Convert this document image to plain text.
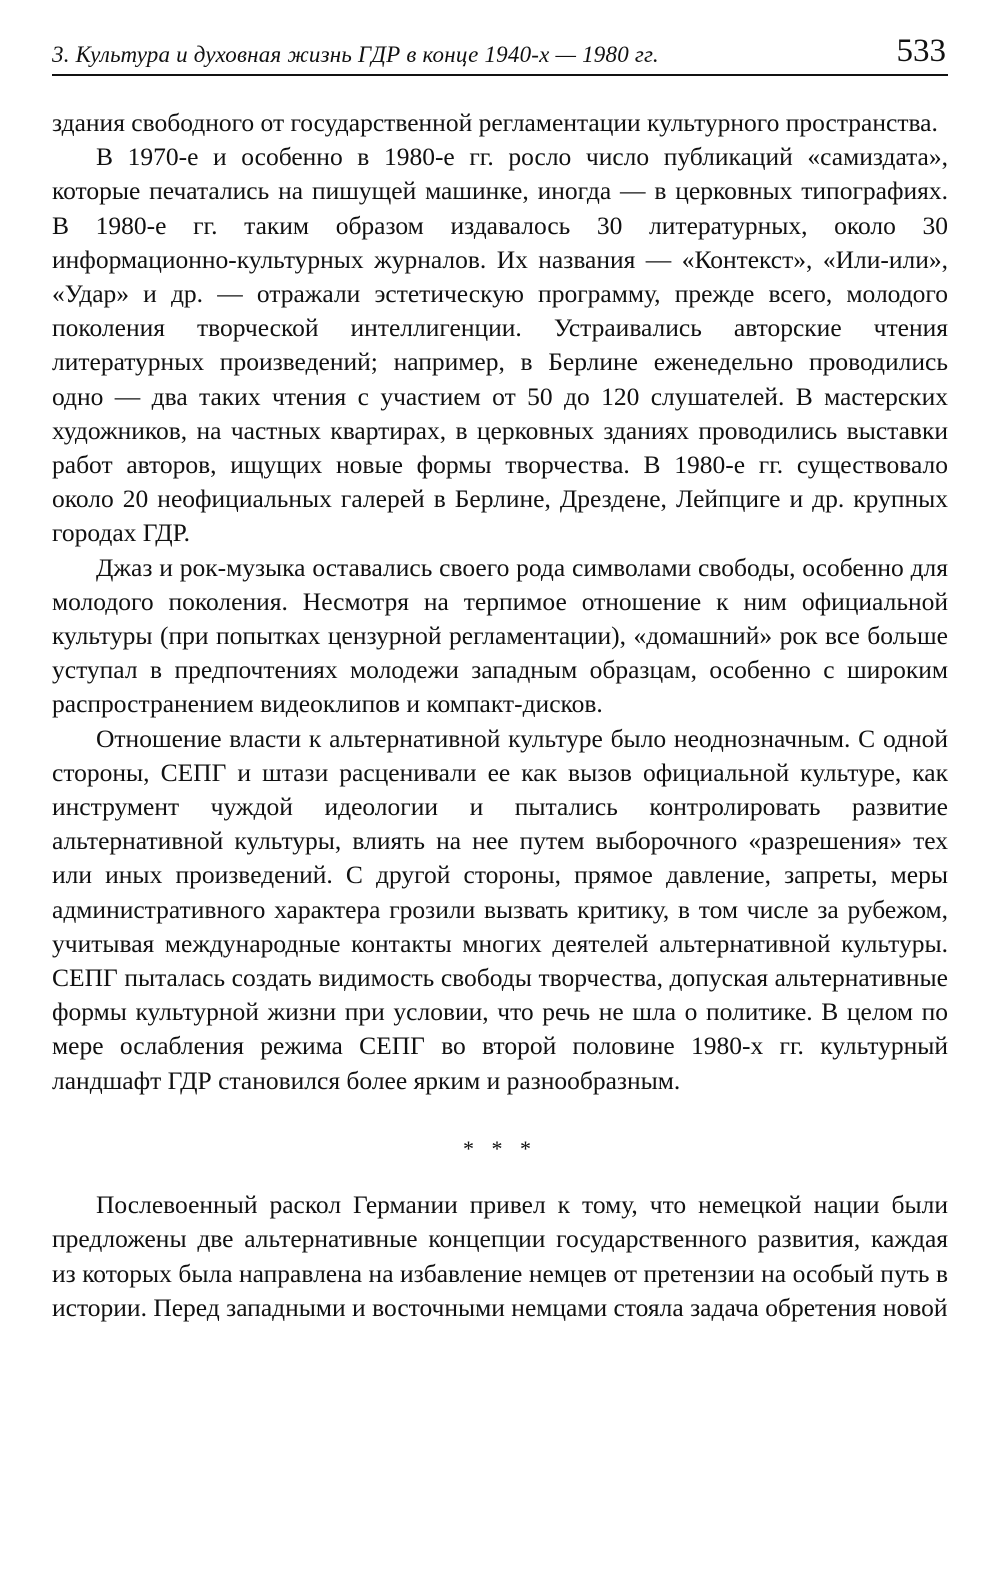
3. Культура и духовная жизнь ГДР в конце 1940-х — 1980 гг.	533

здания свободного от государственной регламентации культурного пространства.

В 1970-е и особенно в 1980-е гг. росло число публикаций «самиздата», которые печатались на пишущей машинке, иногда — в церковных типографиях. В 1980-е гг. таким образом издавалось 30 литературных, около 30 информационно-культурных журналов. Их названия — «Контекст», «Или-или», «Удар» и др. — отражали эстетическую программу, прежде всего, молодого поколения творческой интеллигенции. Устраивались авторские чтения литературных произведений; например, в Берлине еженедельно проводились одно — два таких чтения с участием от 50 до 120 слушателей. В мастерских художников, на частных квартирах, в церковных зданиях проводились выставки работ авторов, ищущих новые формы творчества. В 1980-е гг. существовало около 20 неофициальных галерей в Берлине, Дрездене, Лейпциге и др. крупных городах ГДР.

Джаз и рок-музыка оставались своего рода символами свободы, особенно для молодого поколения. Несмотря на терпимое отношение к ним официальной культуры (при попытках цензурной регламентации), «домашний» рок все больше уступал в предпочтениях молодежи западным образцам, особенно с широким распространением видеоклипов и компакт-дисков.

Отношение власти к альтернативной культуре было неоднозначным. С одной стороны, СЕПГ и штази расценивали ее как вызов официальной культуре, как инструмент чуждой идеологии и пытались контролировать развитие альтернативной культуры, влиять на нее путем выборочного «разрешения» тех или иных произведений. С другой стороны, прямое давление, запреты, меры административного характера грозили вызвать критику, в том числе за рубежом, учитывая международные контакты многих деятелей альтернативной культуры. СЕПГ пыталась создать видимость свободы творчества, допуская альтернативные формы культурной жизни при условии, что речь не шла о политике. В целом по мере ослабления режима СЕПГ во второй половине 1980-х гг. культурный ландшафт ГДР становился более ярким и разнообразным.

* * *

Послевоенный раскол Германии привел к тому, что немецкой нации были предложены две альтернативные концепции государственного развития, каждая из которых была направлена на избавление немцев от претензии на особый путь в истории. Перед западными и восточными немцами стояла задача обретения новой
